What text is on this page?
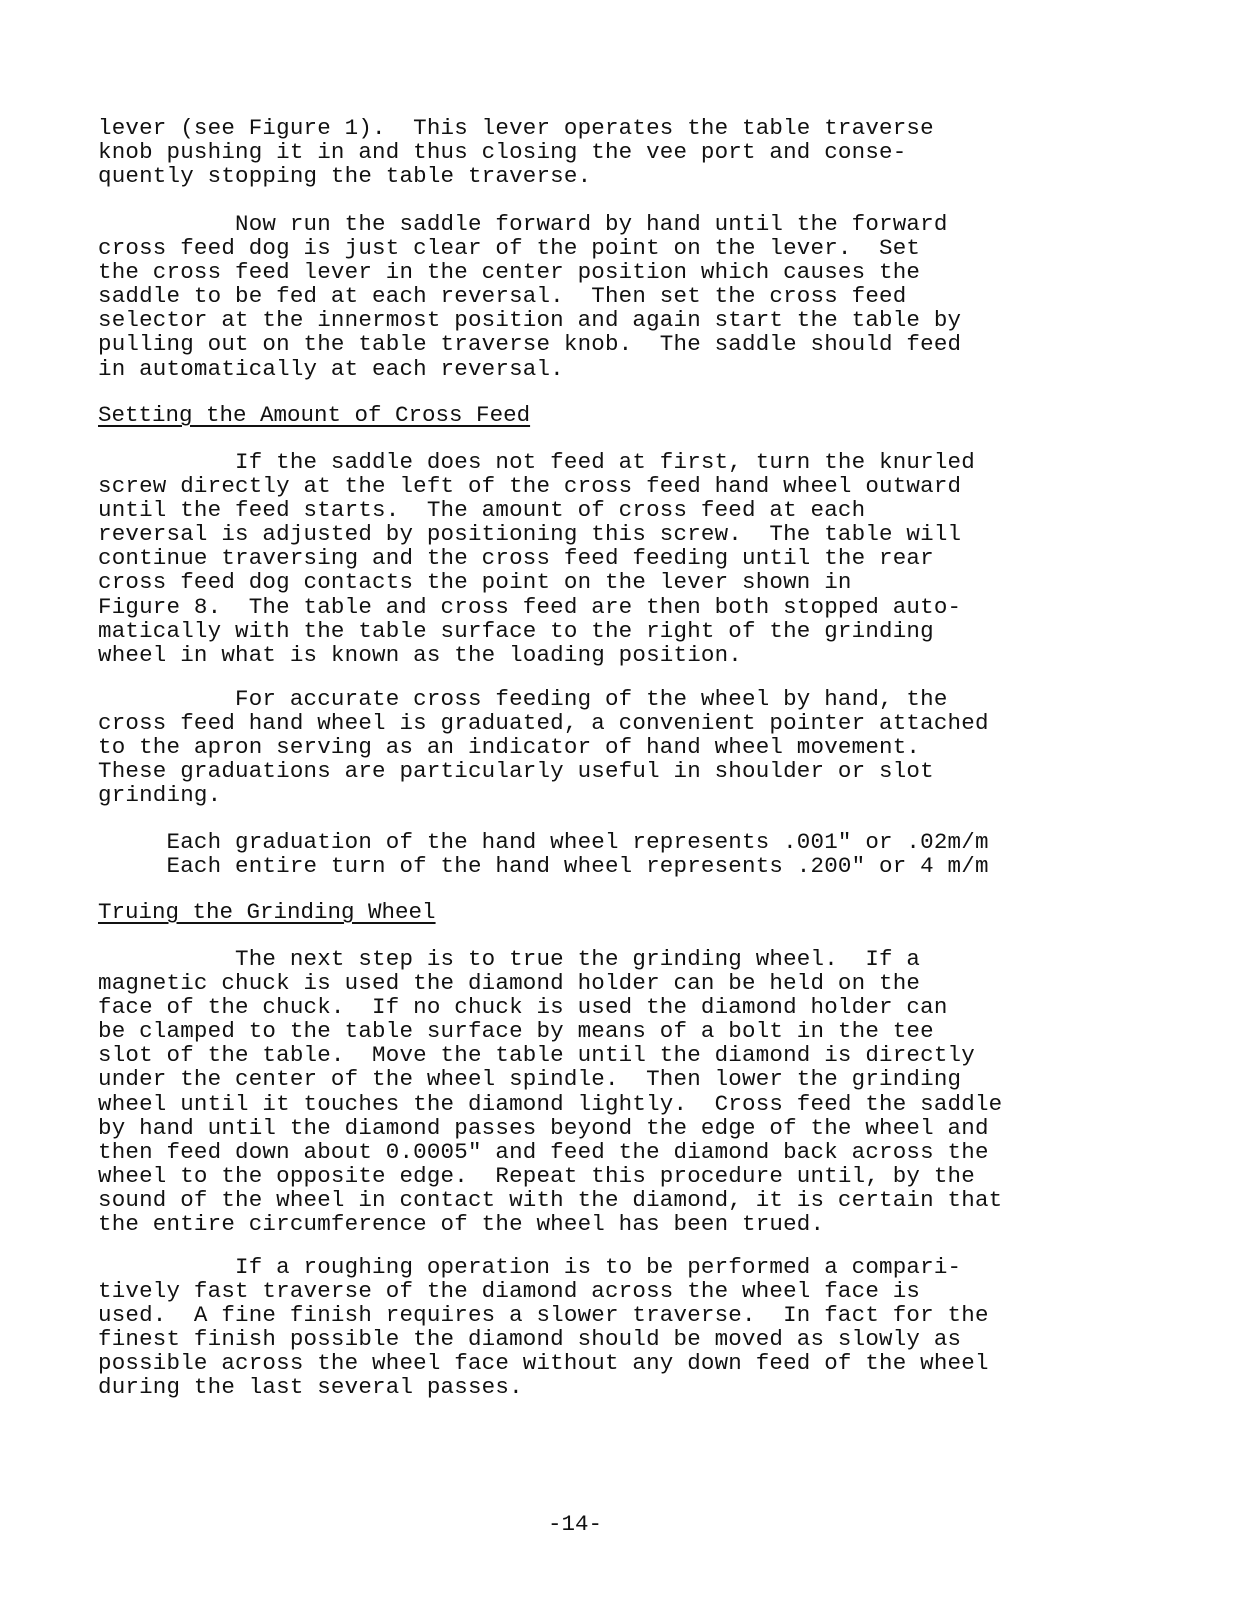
lever (see Figure 1).  This lever operates the table traverse
knob pushing it in and thus closing the vee port and conse-
quently stopping the table traverse.
Now run the saddle forward by hand until the forward
cross feed dog is just clear of the point on the lever.  Set
the cross feed lever in the center position which causes the
saddle to be fed at each reversal.  Then set the cross feed
selector at the innermost position and again start the table by
pulling out on the table traverse knob.  The saddle should feed
in automatically at each reversal.
Setting the Amount of Cross Feed
If the saddle does not feed at first, turn the knurled
screw directly at the left of the cross feed hand wheel outward
until the feed starts.  The amount of cross feed at each
reversal is adjusted by positioning this screw.  The table will
continue traversing and the cross feed feeding until the rear
cross feed dog contacts the point on the lever shown in
Figure 8.  The table and cross feed are then both stopped auto-
matically with the table surface to the right of the grinding
wheel in what is known as the loading position.
For accurate cross feeding of the wheel by hand, the
cross feed hand wheel is graduated, a convenient pointer attached
to the apron serving as an indicator of hand wheel movement.
These graduations are particularly useful in shoulder or slot
grinding.
Each graduation of the hand wheel represents .001" or .02m/m
Each entire turn of the hand wheel represents .200" or 4 m/m
Truing the Grinding Wheel
The next step is to true the grinding wheel.  If a
magnetic chuck is used the diamond holder can be held on the
face of the chuck.  If no chuck is used the diamond holder can
be clamped to the table surface by means of a bolt in the tee
slot of the table.  Move the table until the diamond is directly
under the center of the wheel spindle.  Then lower the grinding
wheel until it touches the diamond lightly.  Cross feed the saddle
by hand until the diamond passes beyond the edge of the wheel and
then feed down about 0.0005" and feed the diamond back across the
wheel to the opposite edge.  Repeat this procedure until, by the
sound of the wheel in contact with the diamond, it is certain that
the entire circumference of the wheel has been trued.
If a roughing operation is to be performed a compari-
tively fast traverse of the diamond across the wheel face is
used.  A fine finish requires a slower traverse.  In fact for the
finest finish possible the diamond should be moved as slowly as
possible across the wheel face without any down feed of the wheel
during the last several passes.
-14-
